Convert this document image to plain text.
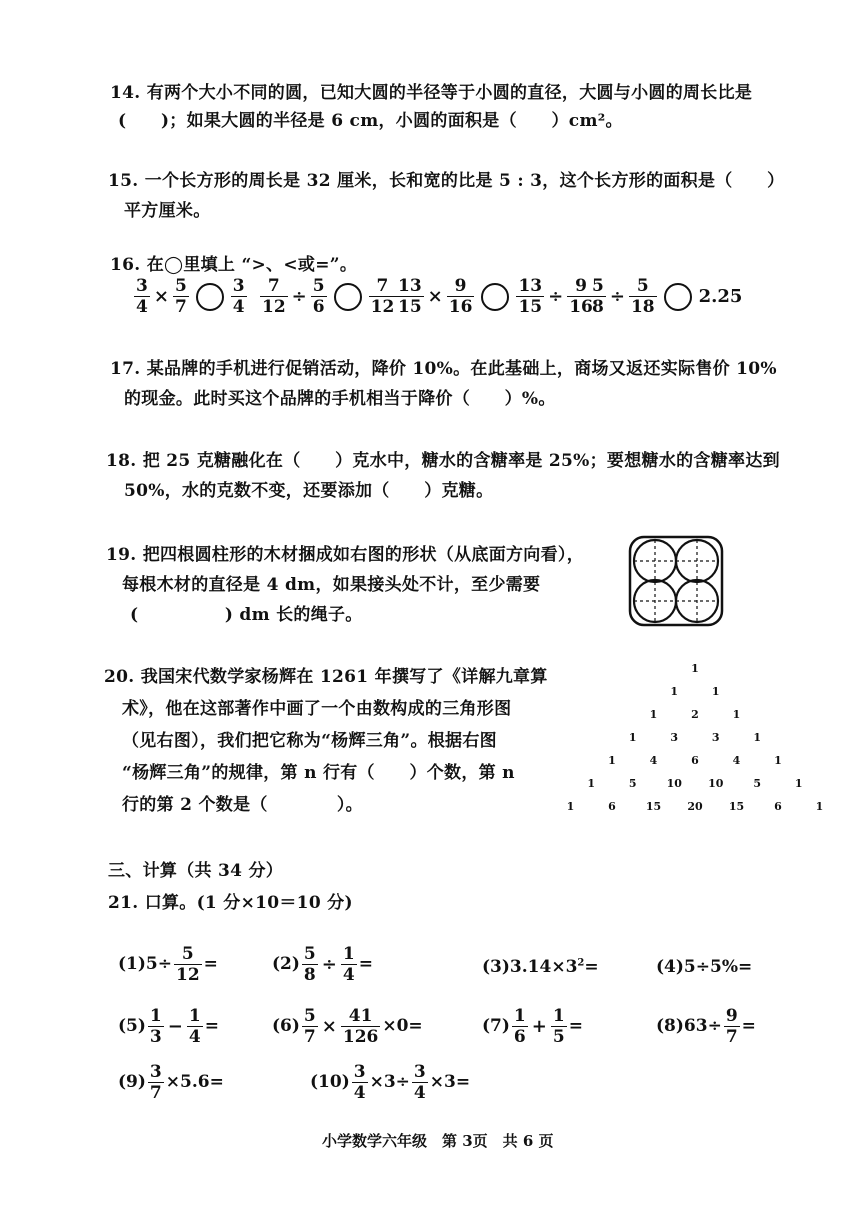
14. 有两个大小不同的圆，已知大圆的半径等于小圆的直径，大圆与小圆的周长比是
(　　)；如果大圆的半径是 6 cm，小圆的面积是（　　）cm²。
15. 一个长方形的周长是 32 厘米，长和宽的比是 5 : 3，这个长方形的面积是（　　）
平方厘米。
16. 在◯里填上 “>、<或=”。
$\frac{3}{4} \times \frac{5}{7} \frac{3}{4} \frac{7}{12} \div \frac{5}{6} \frac{7}{12} \frac{13}{15} \times \frac{9}{16} \frac{13}{15} \div \frac{9}{16}$
$\frac{5}{8} \div \frac{5}{18} 2.25$
17. 某品牌的手机进行促销活动，降价 10%。在此基础上，商场又返还实际售价 10%
的现金。此时买这个品牌的手机相当于降价（　　）%。
18. 把 25 克糖融化在（　　）克水中，糖水的含糖率是 25%；要想糖水的含糖率达到
50%，水的克数不变，还要添加（　　）克糖。
19. 把四根圆柱形的木材捆成如右图的形状（从底面方向看），
每根木材的直径是 4 dm，如果接头处不计，至少需要
(　　　　　) dm 长的绳子。
20. 我国宋代数学家杨辉在 1261 年撰写了《详解九章算
术》，他在这部著作中画了一个由数构成的三角形图
（见右图），我们把它称为“杨辉三角”。根据右图
“杨辉三角”的规律，第 n 行有（　　）个数，第 n
行的第 2 个数是（　　　　）。
1
1	1
1	2	1
1	3	3	1
1	4	6	4	1
1	5	10 10	5	1
1	6	15 20 15	6	1
三、计算（共 34 分）
21. 口算。(1 分×10＝10 分)
$(1)5\div \frac{5}{12}$ =	$(2) \frac{5}{8} \div \frac{1}{4}$ =	$(3)3.14\times 3^2=$	(4)5÷5%=
$(5) \frac{1}{3} - \frac{1}{4}$ =	$(6) \frac{5}{7} \times \frac{41}{126} \times 0=$	$(7) \frac{1}{6} + \frac{1}{5}$ =	$(8)63\div \frac{9}{7}$ =
$(9) \frac{3}{7} \times 5.6=$	$(10) \frac{3}{4} \times 3\div \frac{3}{4} \times 3=$
小学数学六年级　第 3页　共 6 页
